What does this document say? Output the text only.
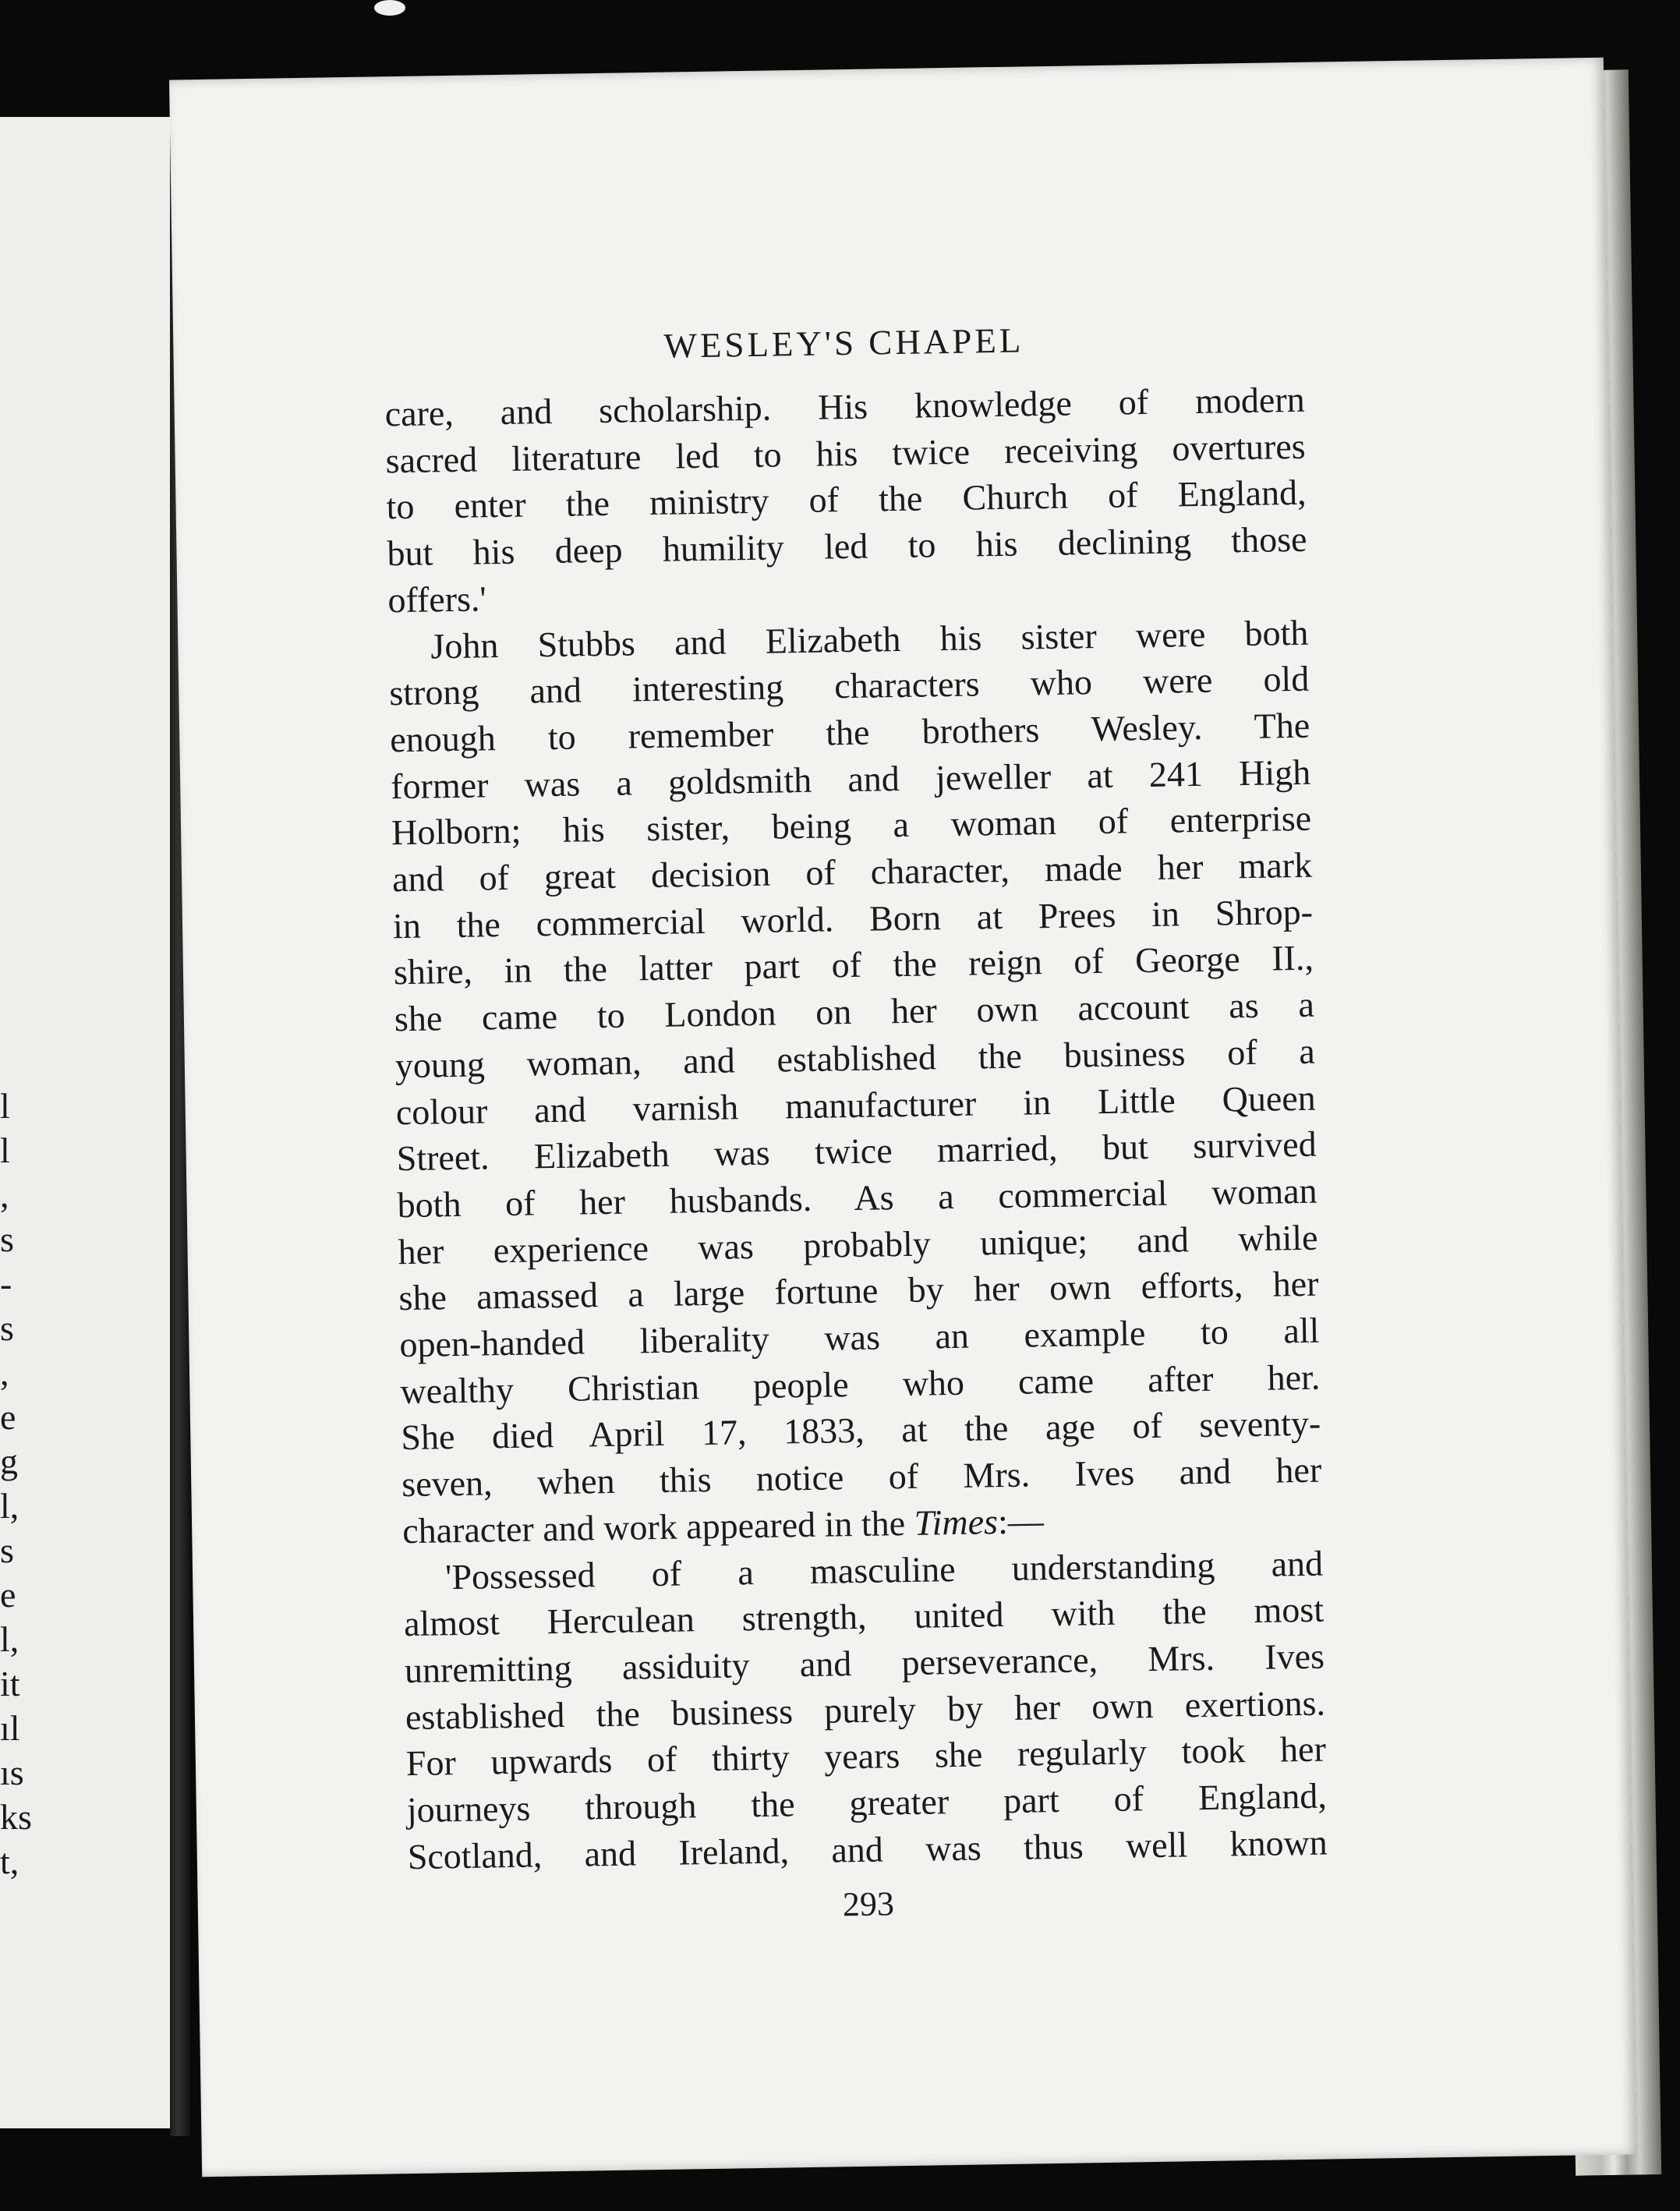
l
l
,
s
-
s
,
e
g
l,
s
e
l,
it
ıl
ıs
ks
t,
WESLEY'S CHAPEL
care, and scholarship. His knowledge of modern
sacred literature led to his twice receiving overtures
to enter the ministry of the Church of England,
but his deep humility led to his declining those
offers.'
John Stubbs and Elizabeth his sister were both
strong and interesting characters who were old
enough to remember the brothers Wesley. The
former was a goldsmith and jeweller at 241 High
Holborn; his sister, being a woman of enterprise
and of great decision of character, made her mark
in the commercial world. Born at Prees in Shrop-
shire, in the latter part of the reign of George II.,
she came to London on her own account as a
young woman, and established the business of a
colour and varnish manufacturer in Little Queen
Street. Elizabeth was twice married, but survived
both of her husbands. As a commercial woman
her experience was probably unique; and while
she amassed a large fortune by her own efforts, her
open-handed liberality was an example to all
wealthy Christian people who came after her.
She died April 17, 1833, at the age of seventy-
seven, when this notice of Mrs. Ives and her
character and work appeared in the Times:—
'Possessed of a masculine understanding and
almost Herculean strength, united with the most
unremitting assiduity and perseverance, Mrs. Ives
established the business purely by her own exertions.
For upwards of thirty years she regularly took her
journeys through the greater part of England,
Scotland, and Ireland, and was thus well known
293
